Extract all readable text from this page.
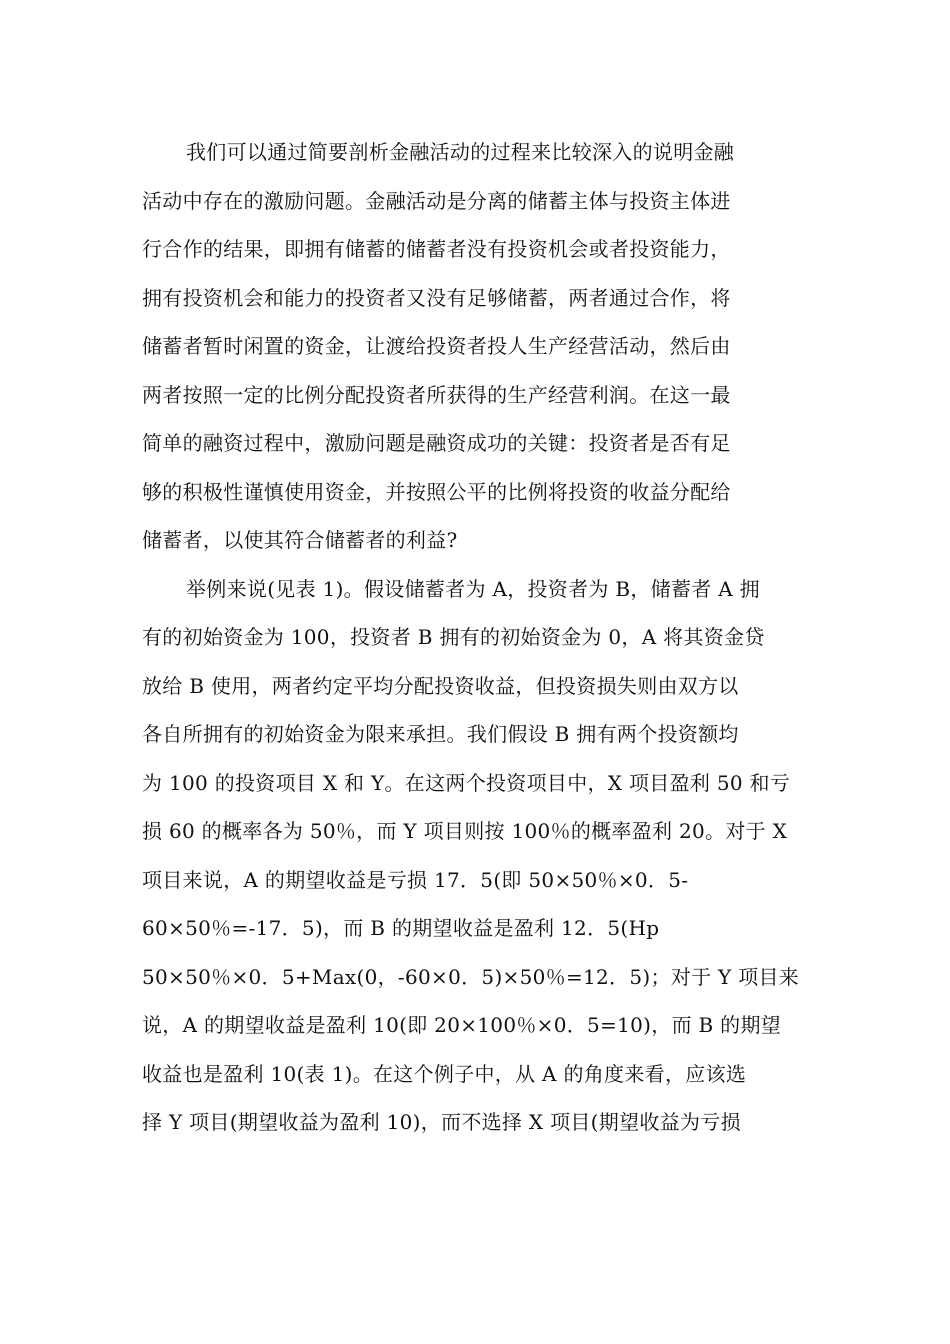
我们可以通过简要剖析金融活动的过程来比较深入的说明金融
活动中存在的激励问题。金融活动是分离的储蓄主体与投资主体进
行合作的结果，即拥有储蓄的储蓄者没有投资机会或者投资能力，
拥有投资机会和能力的投资者又没有足够储蓄，两者通过合作，将
储蓄者暂时闲置的资金，让渡给投资者投人生产经营活动，然后由
两者按照一定的比例分配投资者所获得的生产经营利润。在这一最
简单的融资过程中，激励问题是融资成功的关键：投资者是否有足
够的积极性谨慎使用资金，并按照公平的比例将投资的收益分配给
储蓄者，以使其符合储蓄者的利益?
举例来说(见表 1)。假设储蓄者为 A，投资者为 B，储蓄者 A 拥
有的初始资金为 100，投资者 B 拥有的初始资金为 0，A 将其资金贷
放给 B 使用，两者约定平均分配投资收益，但投资损失则由双方以
各自所拥有的初始资金为限来承担。我们假设 B 拥有两个投资额均
为 100 的投资项目 X 和 Y。在这两个投资项目中，X 项目盈利 50 和亏
损 60 的概率各为 50％，而 Y 项目则按 100％的概率盈利 20。对于 X
项目来说，A 的期望收益是亏损 17．5(即 50×50％×0．5-
60×50％=-17．5)，而 B 的期望收益是盈利 12．5(Hp
50×50％×0．5+Max(0，-60×0．5)×50％=12．5)；对于 Y 项目来
说，A 的期望收益是盈利 10(即 20×100％×0．5=10)，而 B 的期望
收益也是盈利 10(表 1)。在这个例子中，从 A 的角度来看，应该选
择 Y 项目(期望收益为盈利 10)，而不选择 X 项目(期望收益为亏损
